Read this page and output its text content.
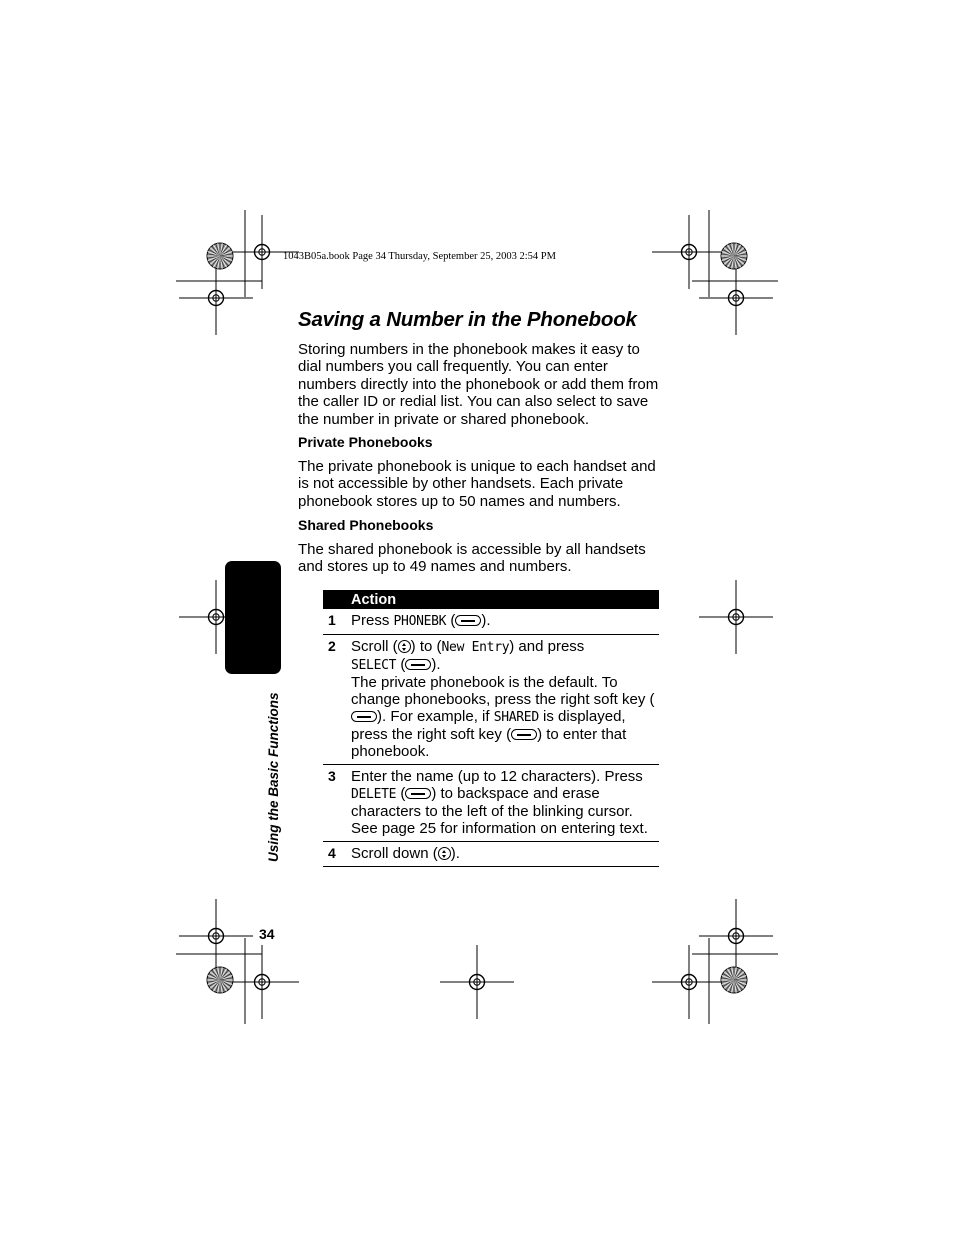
1043B05a.book Page 34 Thursday, September 25, 2003 2:54 PM
Saving a Number in the Phonebook

Storing numbers in the phonebook makes it easy to dial numbers you call frequently. You can enter numbers directly into the phonebook or add them from the caller ID or redial list. You can also select to save the number in private or shared phonebook.

Private Phonebooks

The private phonebook is unique to each handset and is not accessible by other handsets. Each private phonebook stores up to 50 names and numbers.

Shared Phonebooks

The shared phonebook is accessible by all handsets and stores up to 49 names and numbers.

Using the Basic Functions
34
	Action
1	Press PHONEBK ( ).
2	Scroll ( ) to (New Entry) and press
SELECT ( ).
The private phonebook is the default. To change phonebooks, press the right soft key (). For example, if SHARED is displayed, press the right soft key ( ) to enter that phonebook.
3	Enter the name (up to 12 characters). Press DELETE ( ) to backspace and erase characters to the left of the blinking cursor. See page 25 for information on entering text.
4	Scroll down ( ).
